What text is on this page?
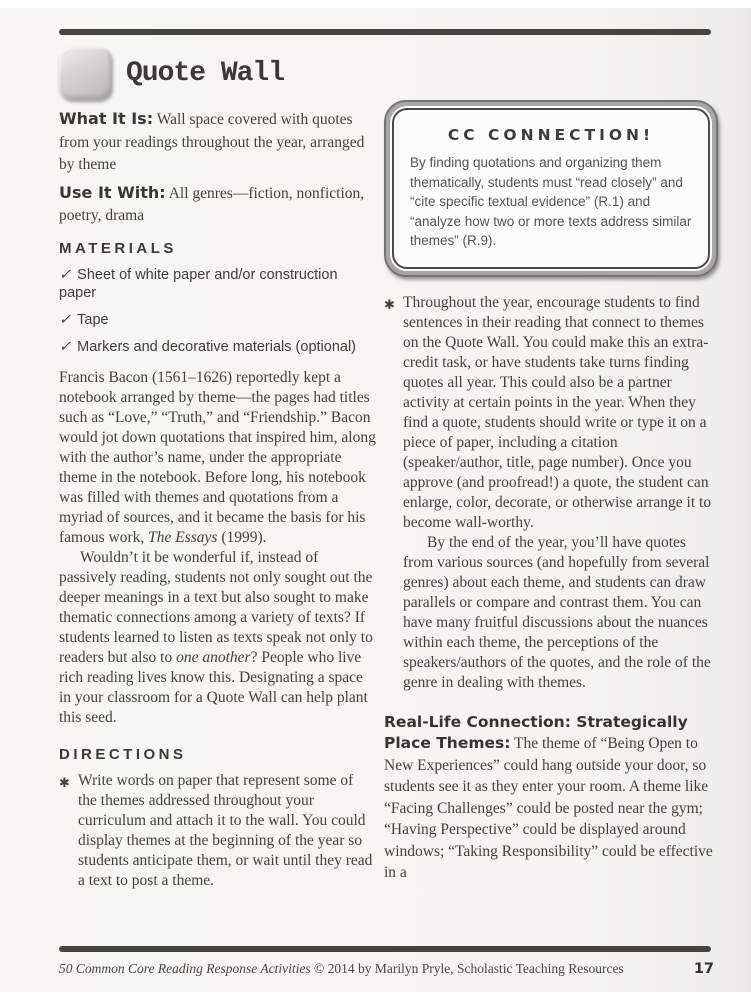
Quote Wall

What It Is: Wall space covered with quotes from your readings throughout the year, arranged by theme

Use It With: All genres—fiction, nonfiction, poetry, drama

MATERIALS
✓ Sheet of white paper and/or construction paper
✓ Tape
✓ Markers and decorative materials (optional)

Francis Bacon (1561–1626) reportedly kept a notebook arranged by theme—the pages had titles such as “Love,” “Truth,” and “Friendship.” Bacon would jot down quotations that inspired him, along with the author’s name, under the appropriate theme in the notebook. Before long, his notebook was filled with themes and quotations from a myriad of sources, and it became the basis for his famous work, The Essays (1999).

Wouldn’t it be wonderful if, instead of passively reading, students not only sought out the deeper meanings in a text but also sought to make thematic connections among a variety of texts? If students learned to listen as texts speak not only to readers but also to one another? People who live rich reading lives know this. Designating a space in your classroom for a Quote Wall can help plant this seed.

DIRECTIONS
✱ Write words on paper that represent some of the themes addressed throughout your curriculum and attach it to the wall. You could display themes at the beginning of the year so students anticipate them, or wait until they read a text to post a theme.

CC CONNECTION!

By finding quotations and organizing them thematically, students must “read closely” and “cite specific textual evidence” (R.1) and “analyze how two or more texts address similar themes” (R.9).

✱ Throughout the year, encourage students to find sentences in their reading that connect to themes on the Quote Wall. You could make this an extra-credit task, or have students take turns finding quotes all year. This could also be a partner activity at certain points in the year. When they find a quote, students should write or type it on a piece of paper, including a citation (speaker/author, title, page number). Once you approve (and proofread!) a quote, the student can enlarge, color, decorate, or otherwise arrange it to become wall-worthy.

By the end of the year, you’ll have quotes from various sources (and hopefully from several genres) about each theme, and students can draw parallels or compare and contrast them. You can have many fruitful discussions about the nuances within each theme, the perceptions of the speakers/authors of the quotes, and the role of the genre in dealing with themes.

Real-Life Connection: Strategically Place Themes: The theme of “Being Open to New Experiences” could hang outside your door, so students see it as they enter your room. A theme like “Facing Challenges” could be posted near the gym; “Having Perspective” could be displayed around windows; “Taking Responsibility” could be effective in a

50 Common Core Reading Response Activities © 2014 by Marilyn Pryle, Scholastic Teaching Resources	17
